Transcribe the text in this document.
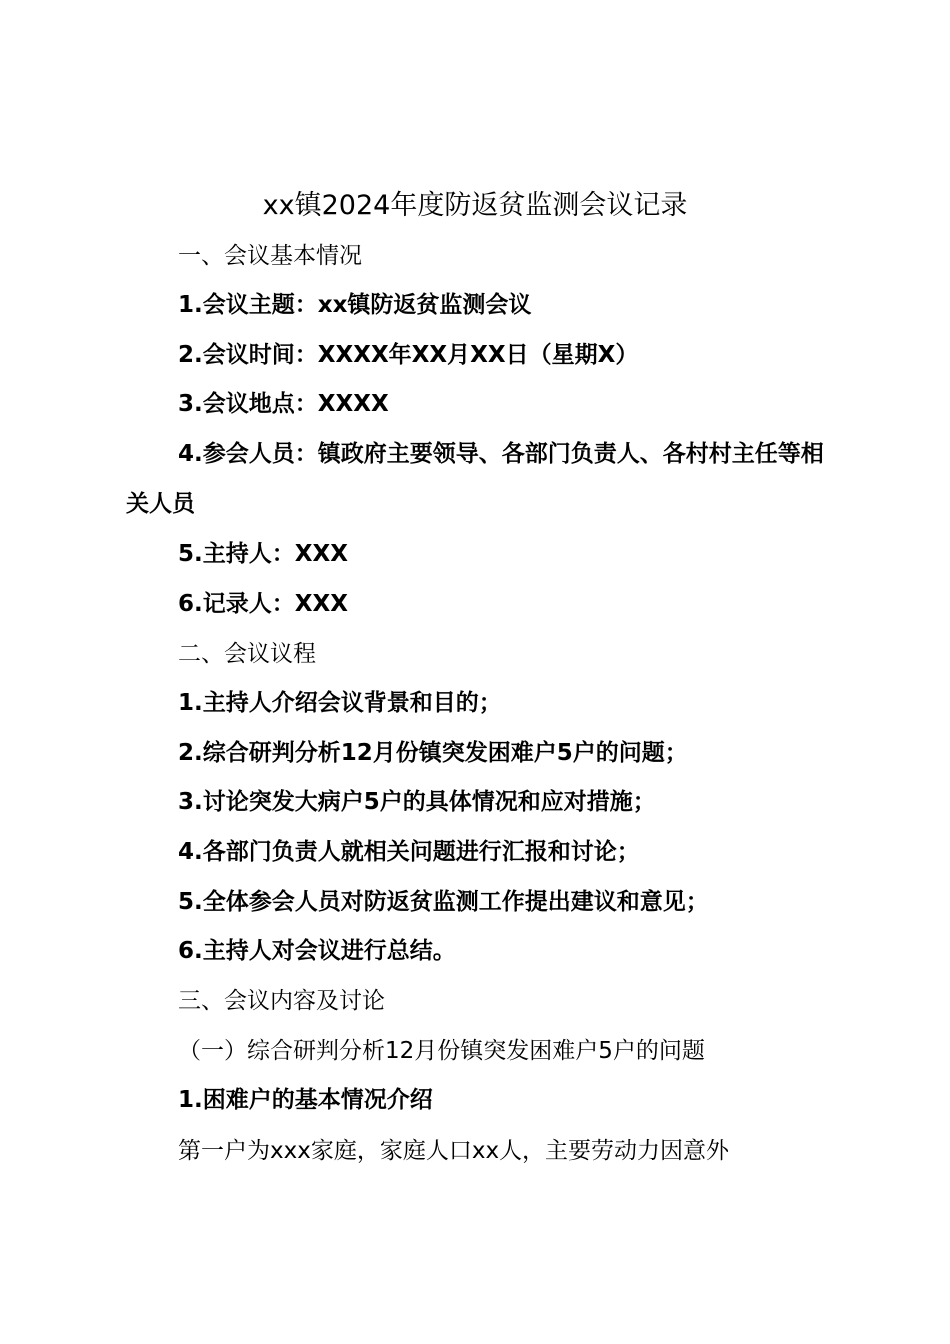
xx镇2024年度防返贫监测会议记录

一、会议基本情况

1.会议主题：xx镇防返贫监测会议

2.会议时间：XXXX年XX月XX日（星期X）

3.会议地点：XXXX

4.参会人员：镇政府主要领导、各部门负责人、各村村主任等相关人员

5.主持人：XXX

6.记录人：XXX

二、会议议程

1.主持人介绍会议背景和目的；

2.综合研判分析12月份镇突发困难户5户的问题；

3.讨论突发大病户5户的具体情况和应对措施；

4.各部门负责人就相关问题进行汇报和讨论；

5.全体参会人员对防返贫监测工作提出建议和意见；

6.主持人对会议进行总结。

三、会议内容及讨论

（一）综合研判分析12月份镇突发困难户5户的问题

1.困难户的基本情况介绍

第一户为xxx家庭，家庭人口xx人，主要劳动力因意外
